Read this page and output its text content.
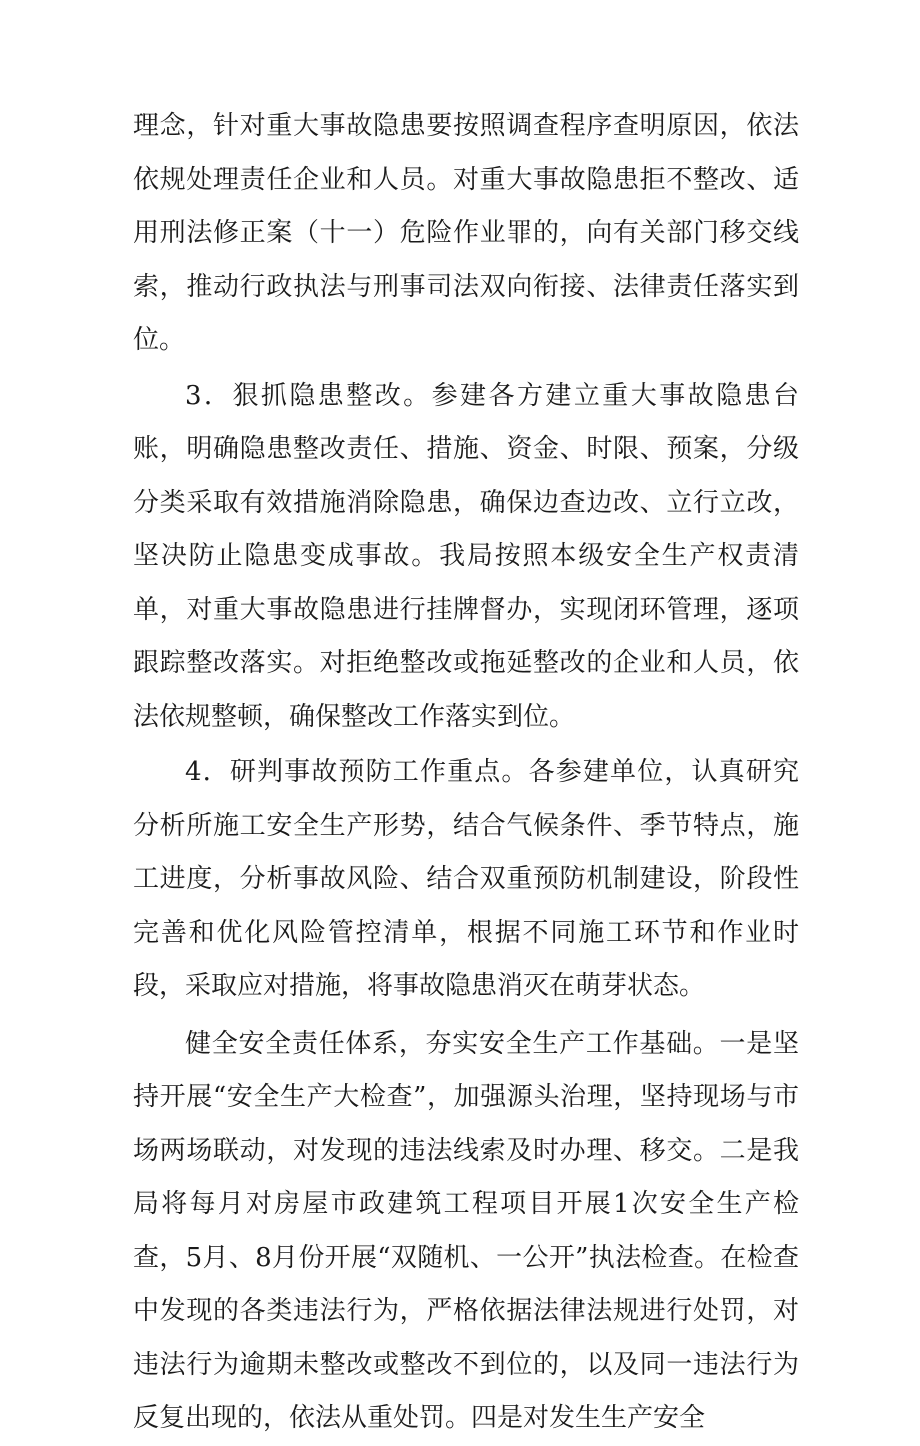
理念，针对重大事故隐患要按照调查程序查明原因，依法依规处理责任企业和人员。对重大事故隐患拒不整改、适用刑法修正案（十一）危险作业罪的，向有关部门移交线索，推动行政执法与刑事司法双向衔接、法律责任落实到位。

3．狠抓隐患整改。参建各方建立重大事故隐患台账，明确隐患整改责任、措施、资金、时限、预案，分级分类采取有效措施消除隐患，确保边查边改、立行立改，坚决防止隐患变成事故。我局按照本级安全生产权责清单，对重大事故隐患进行挂牌督办，实现闭环管理，逐项跟踪整改落实。对拒绝整改或拖延整改的企业和人员，依法依规整顿，确保整改工作落实到位。

4．研判事故预防工作重点。各参建单位，认真研究分析所施工安全生产形势，结合气候条件、季节特点，施工进度，分析事故风险、结合双重预防机制建设，阶段性完善和优化风险管控清单，根据不同施工环节和作业时段，采取应对措施，将事故隐患消灭在萌芽状态。

健全安全责任体系，夯实安全生产工作基础。一是坚持开展“安全生产大检查”，加强源头治理，坚持现场与市场两场联动，对发现的违法线索及时办理、移交。二是我局将每月对房屋市政建筑工程项目开展1次安全生产检查，5月、8月份开展“双随机、一公开”执法检查。在检查中发现的各类违法行为，严格依据法律法规进行处罚，对违法行为逾期未整改或整改不到位的，以及同一违法行为反复出现的，依法从重处罚。四是对发生生产安全
